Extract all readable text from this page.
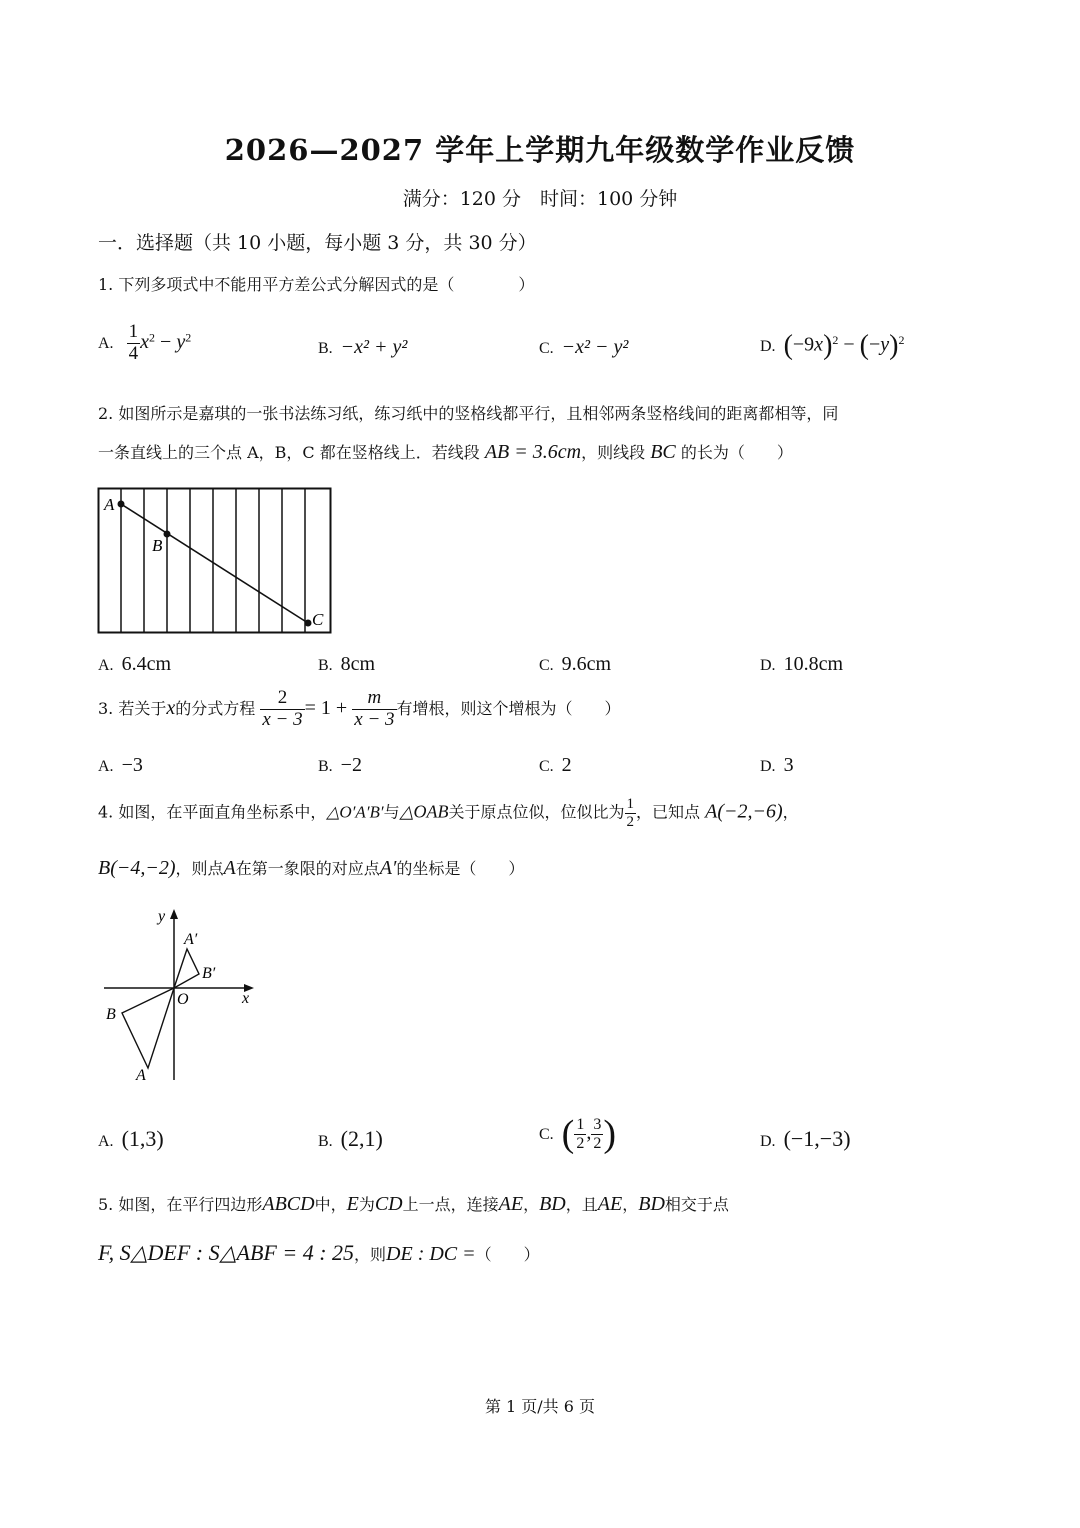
2026—2027 学年上学期九年级数学作业反馈
满分：120 分　时间：100 分钟
一．选择题（共 10 小题，每小题 3 分，共 30 分）
1. 下列多项式中不能用平方差公式分解因式的是（　　　　）
A. $\frac{1}{4} x^2 - y^2$
B. −x² + y²	C. −x² − y²	D. $(-9x)^2 - (-y)^2$
2. 如图所示是嘉琪的一张书法练习纸，练习纸中的竖格线都平行，且相邻两条竖格线间的距离都相等，同
一条直线上的三个点 A，B，C 都在竖格线上．若线段 AB = 3.6cm，则线段 BC 的长为（　　）
A
B
C
A. 6.4cm	B. 8cm	C. 9.6cm	D. 10.8cm
3. 若关于x的分式方程 $\frac{2}{x - 3} = 1 + \frac{m}{x - 3}$ 有增根，则这个增根为（　　）
A. −3	B. −2	C. 2	D. 3
4. 如图，在平面直角坐标系中，△O′A′B′与△OAB关于原点位似，位似比为 $\frac{1}{2}$ ，已知点 A(−2,−6)，
B(−4,−2)，则点A在第一象限的对应点A′的坐标是（　　）
x
y
O
A
B
A′
B′
A. (1,3)	B. (2,1)	C. ( $\frac{1}{2}$ , $\frac{3}{2}$ )	D. (−1,−3)
5. 如图，在平行四边形ABCD中，E为CD上一点，连接AE，BD，且AE，BD相交于点
F, S△DEF : S△ABF = 4 : 25，则DE : DC =（　　）
第 1 页/共 6 页
